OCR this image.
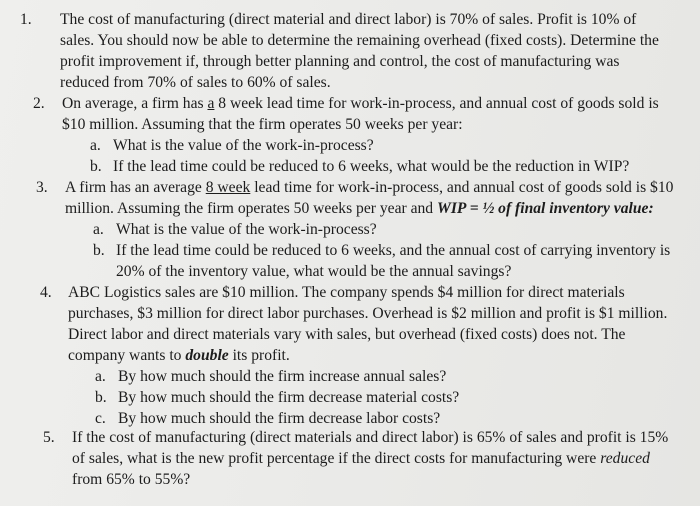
1. The cost of manufacturing (direct material and direct labor) is 70% of sales. Profit is 10% of
sales. You should now be able to determine the remaining overhead (fixed costs). Determine the
profit improvement if, through better planning and control, the cost of manufacturing was
reduced from 70% of sales to 60% of sales.
2. On average, a firm has a 8 week lead time for work-in-process, and annual cost of goods sold is
$10 million. Assuming that the firm operates 50 weeks per year:
a. What is the value of the work-in-process?
b. If the lead time could be reduced to 6 weeks, what would be the reduction in WIP?
3. A firm has an average 8 week lead time for work-in-process, and annual cost of goods sold is $10
million. Assuming the firm operates 50 weeks per year and WIP = ½ of final inventory value:
a. What is the value of the work-in-process?
b. If the lead time could be reduced to 6 weeks, and the annual cost of carrying inventory is
20% of the inventory value, what would be the annual savings?
4. ABC Logistics sales are $10 million. The company spends $4 million for direct materials
purchases, $3 million for direct labor purchases. Overhead is $2 million and profit is $1 million.
Direct labor and direct materials vary with sales, but overhead (fixed costs) does not. The
company wants to double its profit.
a. By how much should the firm increase annual sales?
b. By how much should the firm decrease material costs?
c. By how much should the firm decrease labor costs?
5. If the cost of manufacturing (direct materials and direct labor) is 65% of sales and profit is 15%
of sales, what is the new profit percentage if the direct costs for manufacturing were reduced
from 65% to 55%?
